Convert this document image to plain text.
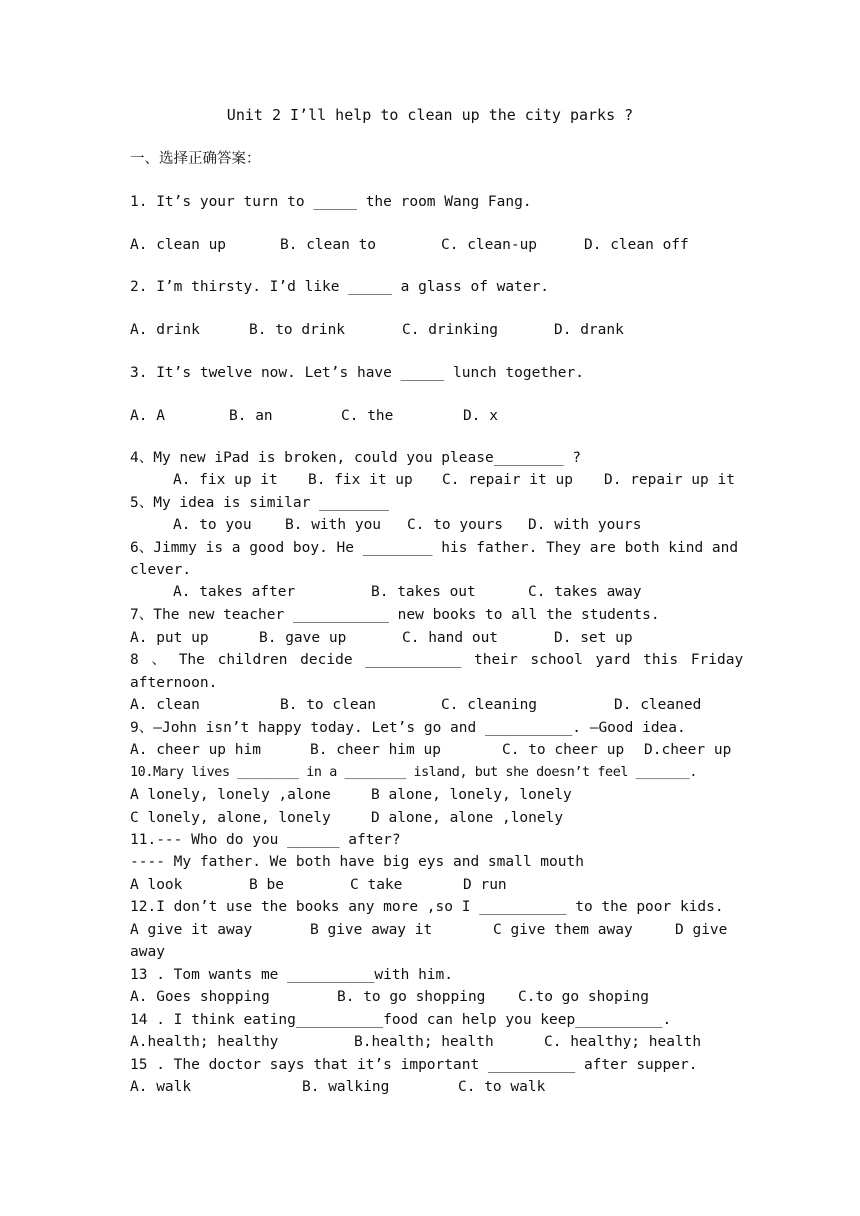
Unit 2 I’ll help to clean up the city parks ?
一、选择正确答案：
1. It’s your turn to _____ the room Wang Fang.
A. clean up	B. clean to	C. clean-up	D. clean off
2. I’m thirsty. I’d like _____ a glass of water.
A. drink	B. to drink	C. drinking	D. drank
3. It’s twelve now. Let’s have _____ lunch together.
A. A	B. an	C. the	D. x
4、My new iPad is broken, could you please________ ?
A. fix up it B. fix it up C. repair it up D. repair up it
5、My idea is similar ________
A. to you B. with you C. to yours D. with yours
6、Jimmy is a good boy. He ________ his father. They are both kind and
clever.
A. takes after	B. takes out	C. takes away
7、The new teacher ___________ new books to all the students.
A. put up	B. gave up	C. hand out	D. set up
8 、 The children decide ___________ their school yard this Friday
afternoon.
A. clean	B. to clean	C. cleaning	D. cleaned
9、—John isn’t happy today. Let’s go and __________. —Good idea.
A. cheer up him	B. cheer him up	C. to cheer up D.cheer up
10.Mary lives ________ in a ________ island, but she doesn’t feel _______.
A lonely, lonely ,alone	B alone, lonely, lonely
C lonely, alone, lonely	D alone, alone ,lonely
11.--- Who do you ______ after?
---- My father. We both have big eys and small mouth
A look	B be	C take	D run
12.I don’t use the books any more ,so I __________ to the poor kids.
A give it away	B give away it	C give them away	D give
away
13 . Tom wants me __________with him.
A. Goes shopping	B. to go shopping C.to go shoping
14 . I think eating__________food can help you keep__________.
A.health; healthy	B.health; health	C. healthy; health
15 . The doctor says that it’s important __________ after supper.
A. walk	B. walking	C. to walk
